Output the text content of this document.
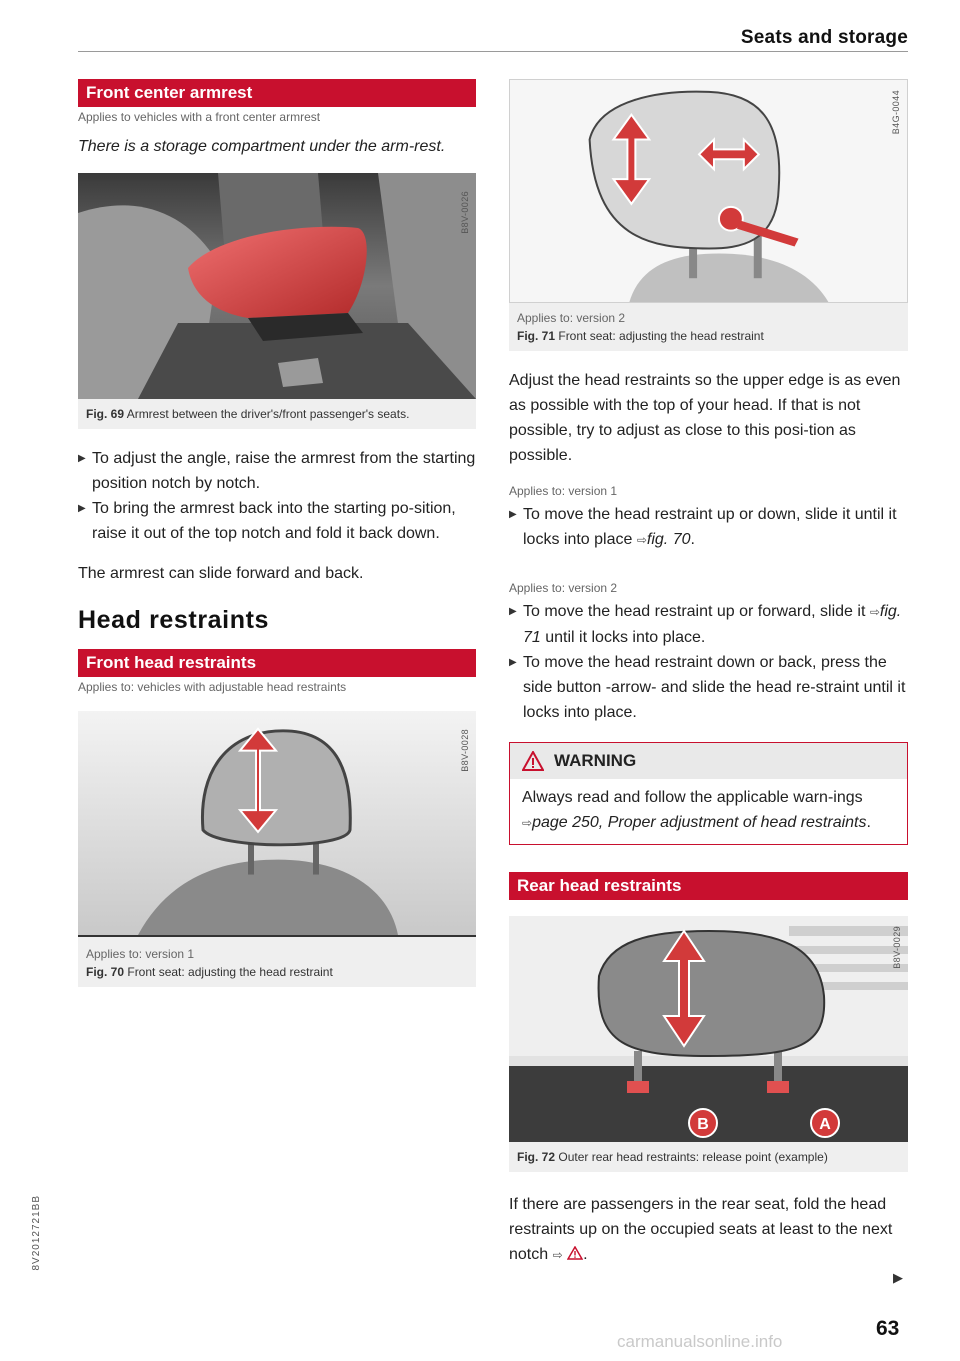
Seats and storage
Front center armrest
Applies to vehicles with a front center armrest
There is a storage compartment under the arm-rest.
B8V-0026
Fig. 69 Armrest between the driver's/front passenger's seats.
▶ To adjust the angle, raise the armrest from the starting position notch by notch.
▶ To bring the armrest back into the starting po-sition, raise it out of the top notch and fold it back down.
The armrest can slide forward and back.
Head restraints
Front head restraints
Applies to: vehicles with adjustable head restraints
B8V-0028
Applies to: version 1
Fig. 70 Front seat: adjusting the head restraint
B4G-0044
Applies to: version 2
Fig. 71 Front seat: adjusting the head restraint
Adjust the head restraints so the upper edge is as even as possible with the top of your head. If that is not possible, try to adjust as close to this posi-tion as possible.
Applies to: version 1
▶ To move the head restraint up or down, slide it until it locks into place ⇨fig. 70.
Applies to: version 2
▶ To move the head restraint up or forward, slide it ⇨fig. 71 until it locks into place.
▶ To move the head restraint down or back, press the side button -arrow- and slide the head re-straint until it locks into place.
WARNING
Always read and follow the applicable warn-ings ⇨page 250, Proper adjustment of head restraints.
Rear head restraints
B	A
B8V-0029
Fig. 72 Outer rear head restraints: release point (example)
If there are passengers in the rear seat, fold the head restraints up on the occupied seats at least to the next notch ⇨ .
▶
63
8V2012721BB
carmanualsonline.info
